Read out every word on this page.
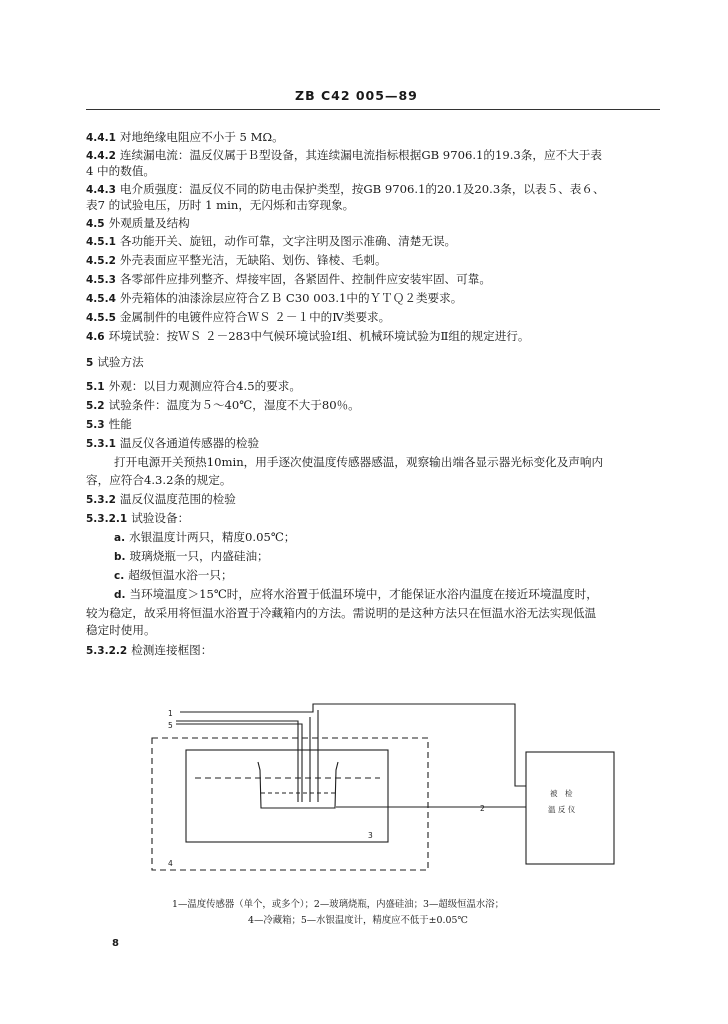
ZB C42 005—89
4.4.1 对地绝缘电阻应不小于 5 MΩ。
4.4.2 连续漏电流：温反仪属于Ｂ型设备，其连续漏电流指标根据GB 9706.1的19.3条，应不大于表
4 中的数值。
4.4.3 电介质强度：温反仪不同的防电击保护类型，按GB 9706.1的20.1及20.3条，以表５、表６、
表7 的试验电压，历时 1 min，无闪烁和击穿现象。
4.5 外观质量及结构
4.5.1 各功能开关、旋钮，动作可靠，文字注明及图示准确、清楚无误。
4.5.2 外壳表面应平整光洁，无缺陷、划伤、锋棱、毛刺。
4.5.3 各零部件应排列整齐、焊接牢固，各紧固件、控制件应安装牢固、可靠。
4.5.4 外壳箱体的油漆涂层应符合ＺＢ C30 003.1中的ＹＴＱ２类要求。
4.5.5 金属制件的电镀件应符合ＷＳ ２－１中的Ⅳ类要求。
4.6 环境试验：按ＷＳ ２－283中气候环境试验Ⅰ组、机械环境试验为Ⅱ组的规定进行。
5 试验方法
5.1 外观：以目力观测应符合4.5的要求。
5.2 试验条件：温度为５～40℃，湿度不大于80％。
5.3 性能
5.3.1 温反仪各通道传感器的检验
打开电源开关预热10min，用手逐次使温度传感器感温，观察输出端各显示器光标变化及声响内
容，应符合4.3.2条的规定。
5.3.2 温反仪温度范围的检验
5.3.2.1 试验设备：
a. 水银温度计两只，精度0.05℃；
b. 玻璃烧瓶一只，内盛硅油；
c. 超级恒温水浴一只；
d. 当环境温度＞15℃时，应将水浴置于低温环境中，才能保证水浴内温度在接近环境温度时，
较为稳定，故采用将恒温水浴置于冷藏箱内的方法。需说明的是这种方法只在恒温水浴无法实现低温
稳定时使用。
5.3.2.2 检测连接框图：
1
5
2
3
4
被　检
温 反 仪
1—温度传感器（单个，或多个）；2—玻璃烧瓶，内盛硅油；3—超级恒温水浴；
4—冷藏箱；5—水银温度计，精度应不低于±0.05℃
8
